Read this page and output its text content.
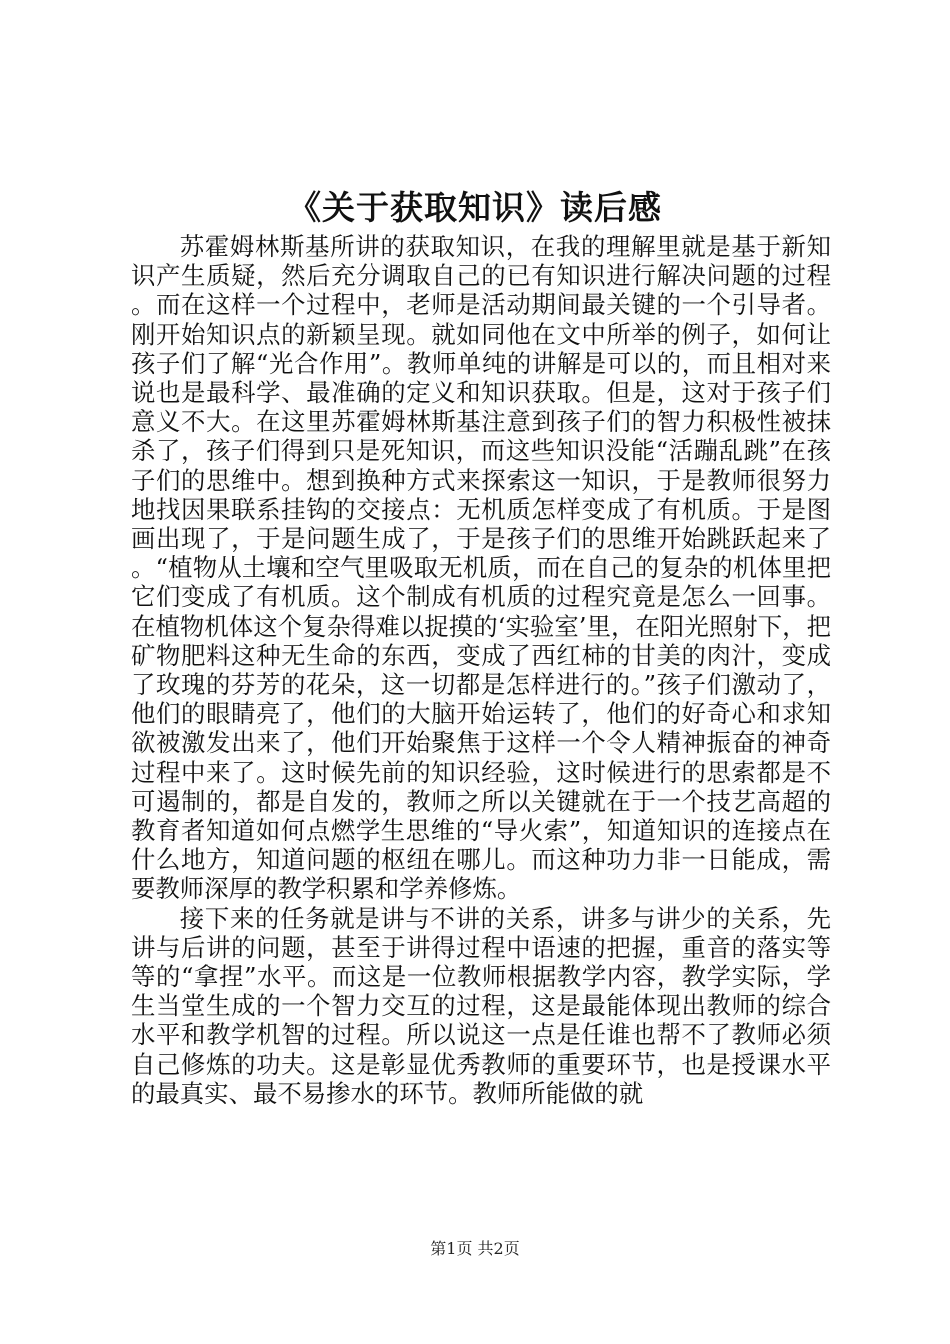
《关于获取知识》读后感

苏霍姆林斯基所讲的获取知识，在我的理解里就是基于新知识产生质疑，然后充分调取自己的已有知识进行解决问题的过程。而在这样一个过程中，老师是活动期间最关键的一个引导者。刚开始知识点的新颖呈现。就如同他在文中所举的例子，如何让孩子们了解“光合作用”。教师单纯的讲解是可以的，而且相对来说也是最科学、最准确的定义和知识获取。但是，这对于孩子们意义不大。在这里苏霍姆林斯基注意到孩子们的智力积极性被抹杀了，孩子们得到只是死知识，而这些知识没能“活蹦乱跳”在孩子们的思维中。想到换种方式来探索这一知识，于是教师很努力地找因果联系挂钩的交接点：无机质怎样变成了有机质。于是图画出现了，于是问题生成了，于是孩子们的思维开始跳跃起来了。“植物从土壤和空气里吸取无机质，而在自己的复杂的机体里把它们变成了有机质。这个制成有机质的过程究竟是怎么一回事。在植物机体这个复杂得难以捉摸的‘实验室’里，在阳光照射下，把矿物肥料这种无生命的东西，变成了西红柿的甘美的肉汁，变成了玫瑰的芬芳的花朵，这一切都是怎样进行的。”孩子们激动了，他们的眼睛亮了，他们的大脑开始运转了，他们的好奇心和求知欲被激发出来了，他们开始聚焦于这样一个令人精神振奋的神奇过程中来了。这时候先前的知识经验，这时候进行的思索都是不可遏制的，都是自发的，教师之所以关键就在于一个技艺高超的教育者知道如何点燃学生思维的“导火索”，知道知识的连接点在什么地方，知道问题的枢纽在哪儿。而这种功力非一日能成，需要教师深厚的教学积累和学养修炼。

接下来的任务就是讲与不讲的关系，讲多与讲少的关系，先讲与后讲的问题，甚至于讲得过程中语速的把握，重音的落实等等的“拿捏”水平。而这是一位教师根据教学内容，教学实际，学生当堂生成的一个智力交互的过程，这是最能体现出教师的综合水平和教学机智的过程。所以说这一点是任谁也帮不了教师必须自己修炼的功夫。这是彰显优秀教师的重要环节，也是授课水平的最真实、最不易掺水的环节。教师所能做的就

第1页 共2页
